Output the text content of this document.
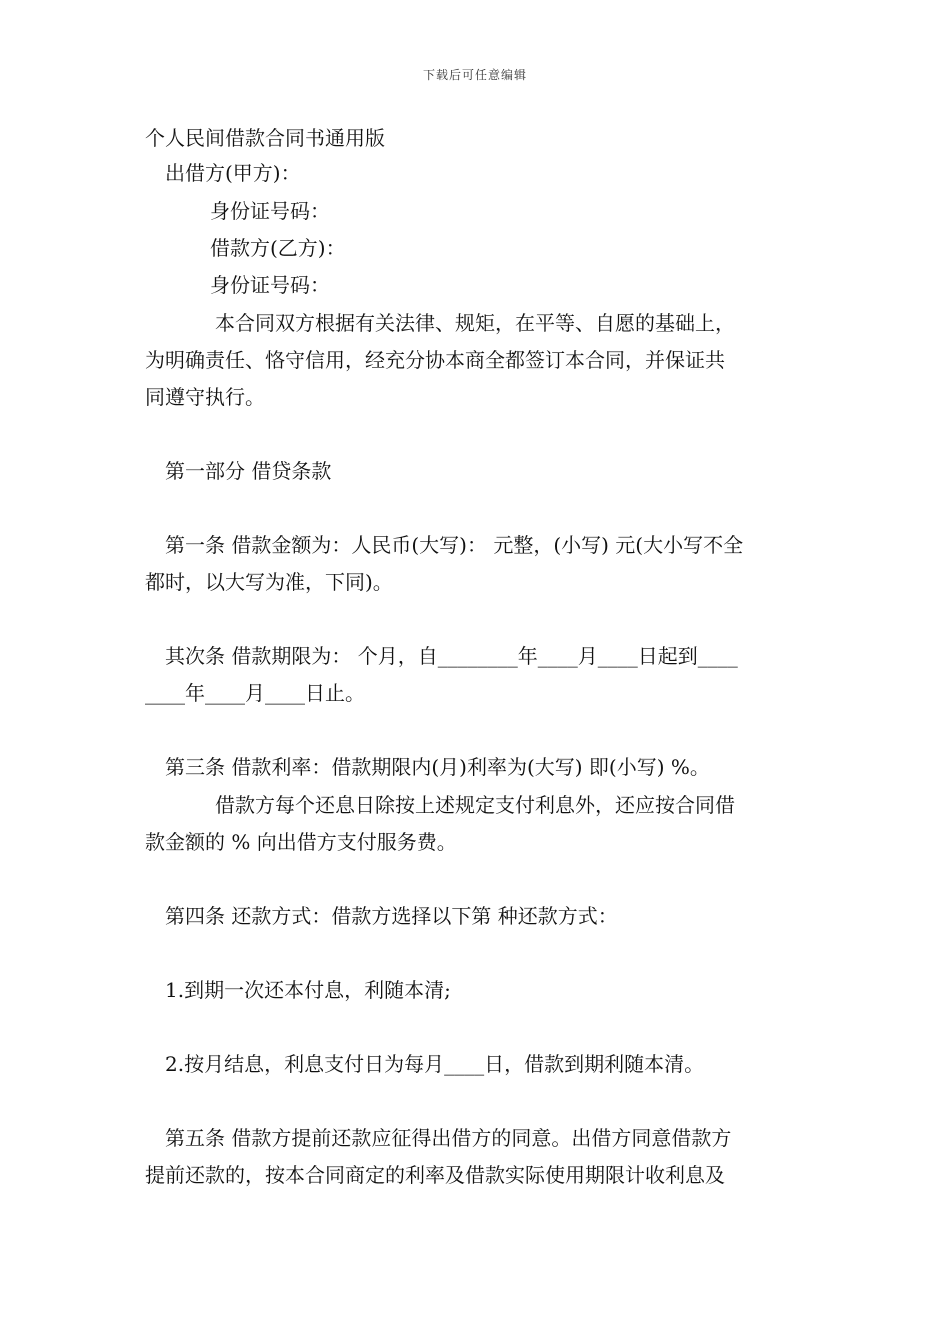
下载后可任意编辑
个人民间借款合同书通用版
出借方(甲方)：
身份证号码：
借款方(乙方)：
身份证号码：
本合同双方根据有关法律、规矩，在平等、自愿的基础上，
为明确责任、恪守信用，经充分协本商全都签订本合同，并保证共
同遵守执行。
第一部分 借贷条款
第一条 借款金额为：人民币(大写)： 元整，(小写) 元(大小写不全
都时，以大写为准，下同)。
其次条 借款期限为： 个月，自________年____月____日起到____
____年____月____日止。
第三条 借款利率：借款期限内(月)利率为(大写) 即(小写) %。
借款方每个还息日除按上述规定支付利息外，还应按合同借
款金额的 % 向出借方支付服务费。
第四条 还款方式：借款方选择以下第 种还款方式：
1.到期一次还本付息，利随本清;
2.按月结息，利息支付日为每月____日，借款到期利随本清。
第五条 借款方提前还款应征得出借方的同意。出借方同意借款方
提前还款的，按本合同商定的利率及借款实际使用期限计收利息及
